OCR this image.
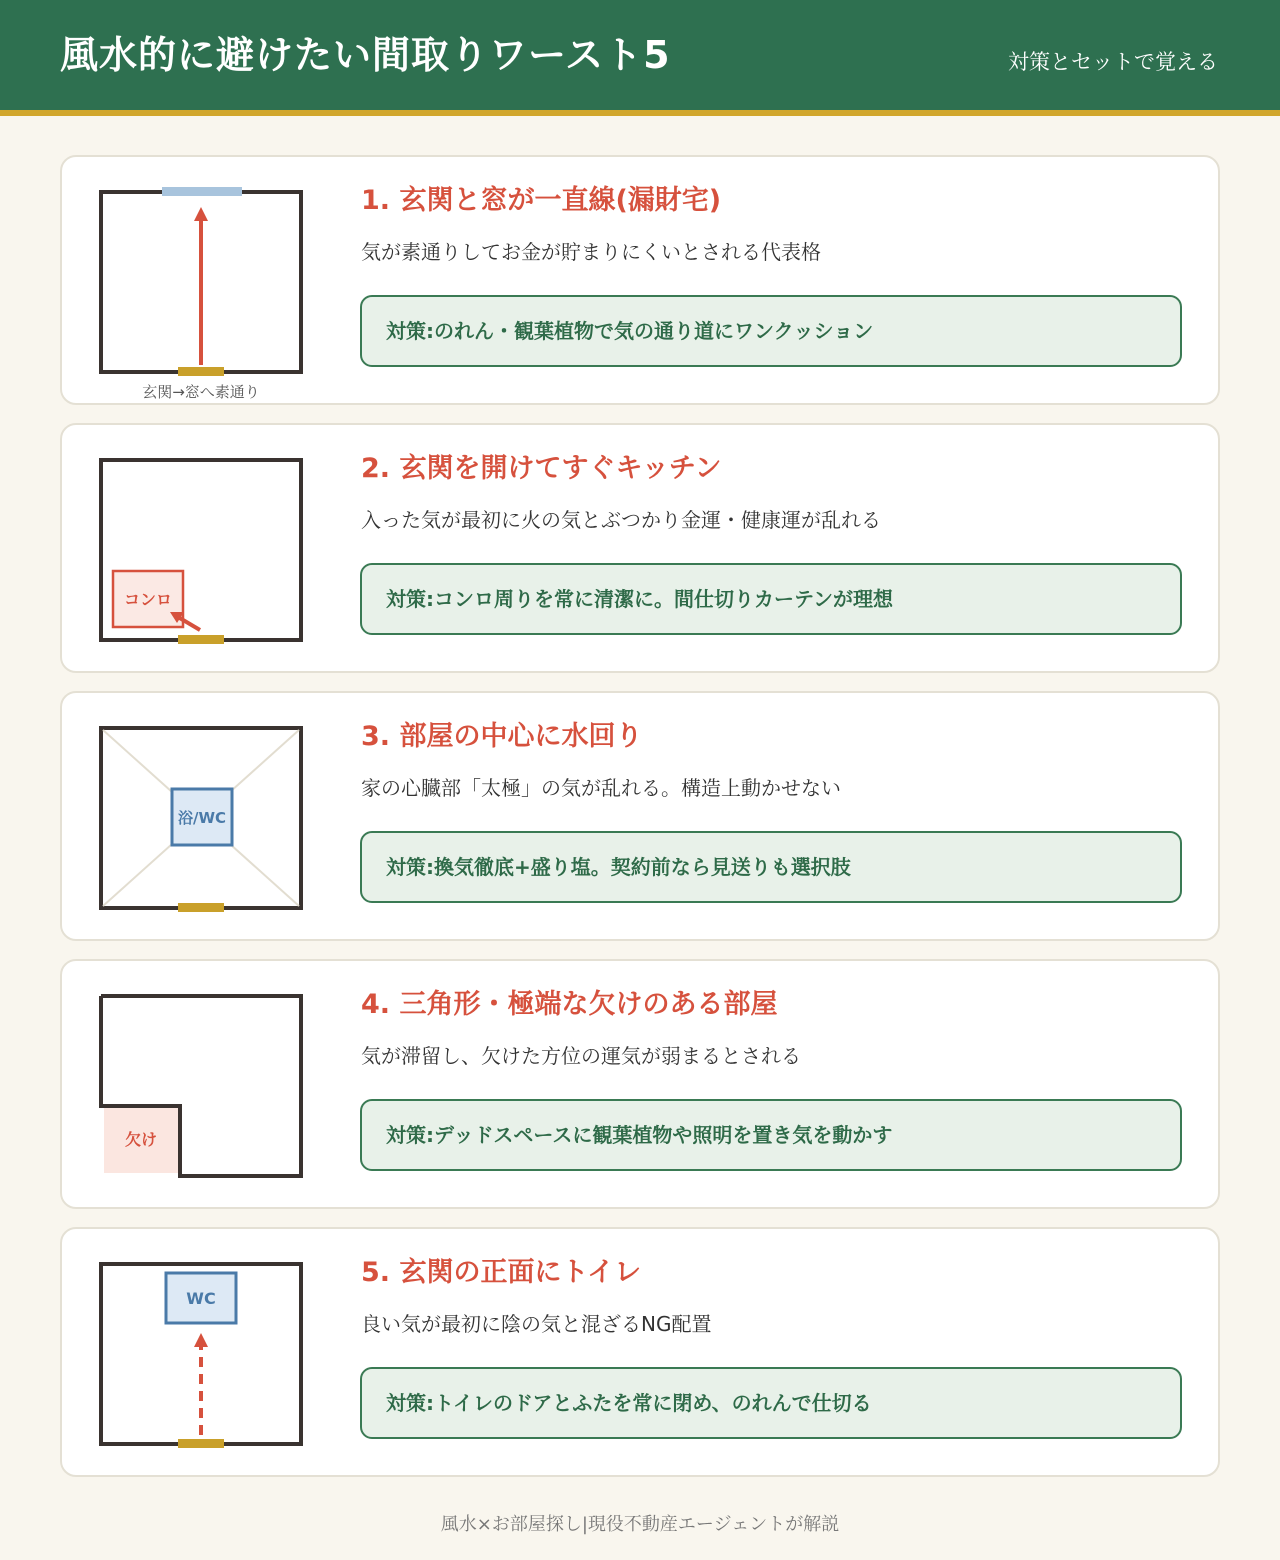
風水的に避けたい間取りワースト5	対策とセットで覚える
玄関→窓へ素通り
1. 玄関と窓が一直線(漏財宅)

気が素通りしてお金が貯まりにくいとされる代表格

対策:のれん・観葉植物で気の通り道にワンクッション
コンロ
2. 玄関を開けてすぐキッチン

入った気が最初に火の気とぶつかり金運・健康運が乱れる

対策:コンロ周りを常に清潔に。間仕切りカーテンが理想
浴/WC
3. 部屋の中心に水回り

家の心臓部「太極」の気が乱れる。構造上動かせない

対策:換気徹底+盛り塩。契約前なら見送りも選択肢
欠け
4. 三角形・極端な欠けのある部屋

気が滞留し、欠けた方位の運気が弱まるとされる

対策:デッドスペースに観葉植物や照明を置き気を動かす
WC
5. 玄関の正面にトイレ

良い気が最初に陰の気と混ざるNG配置

対策:トイレのドアとふたを常に閉め、のれんで仕切る
風水×お部屋探し|現役不動産エージェントが解説
